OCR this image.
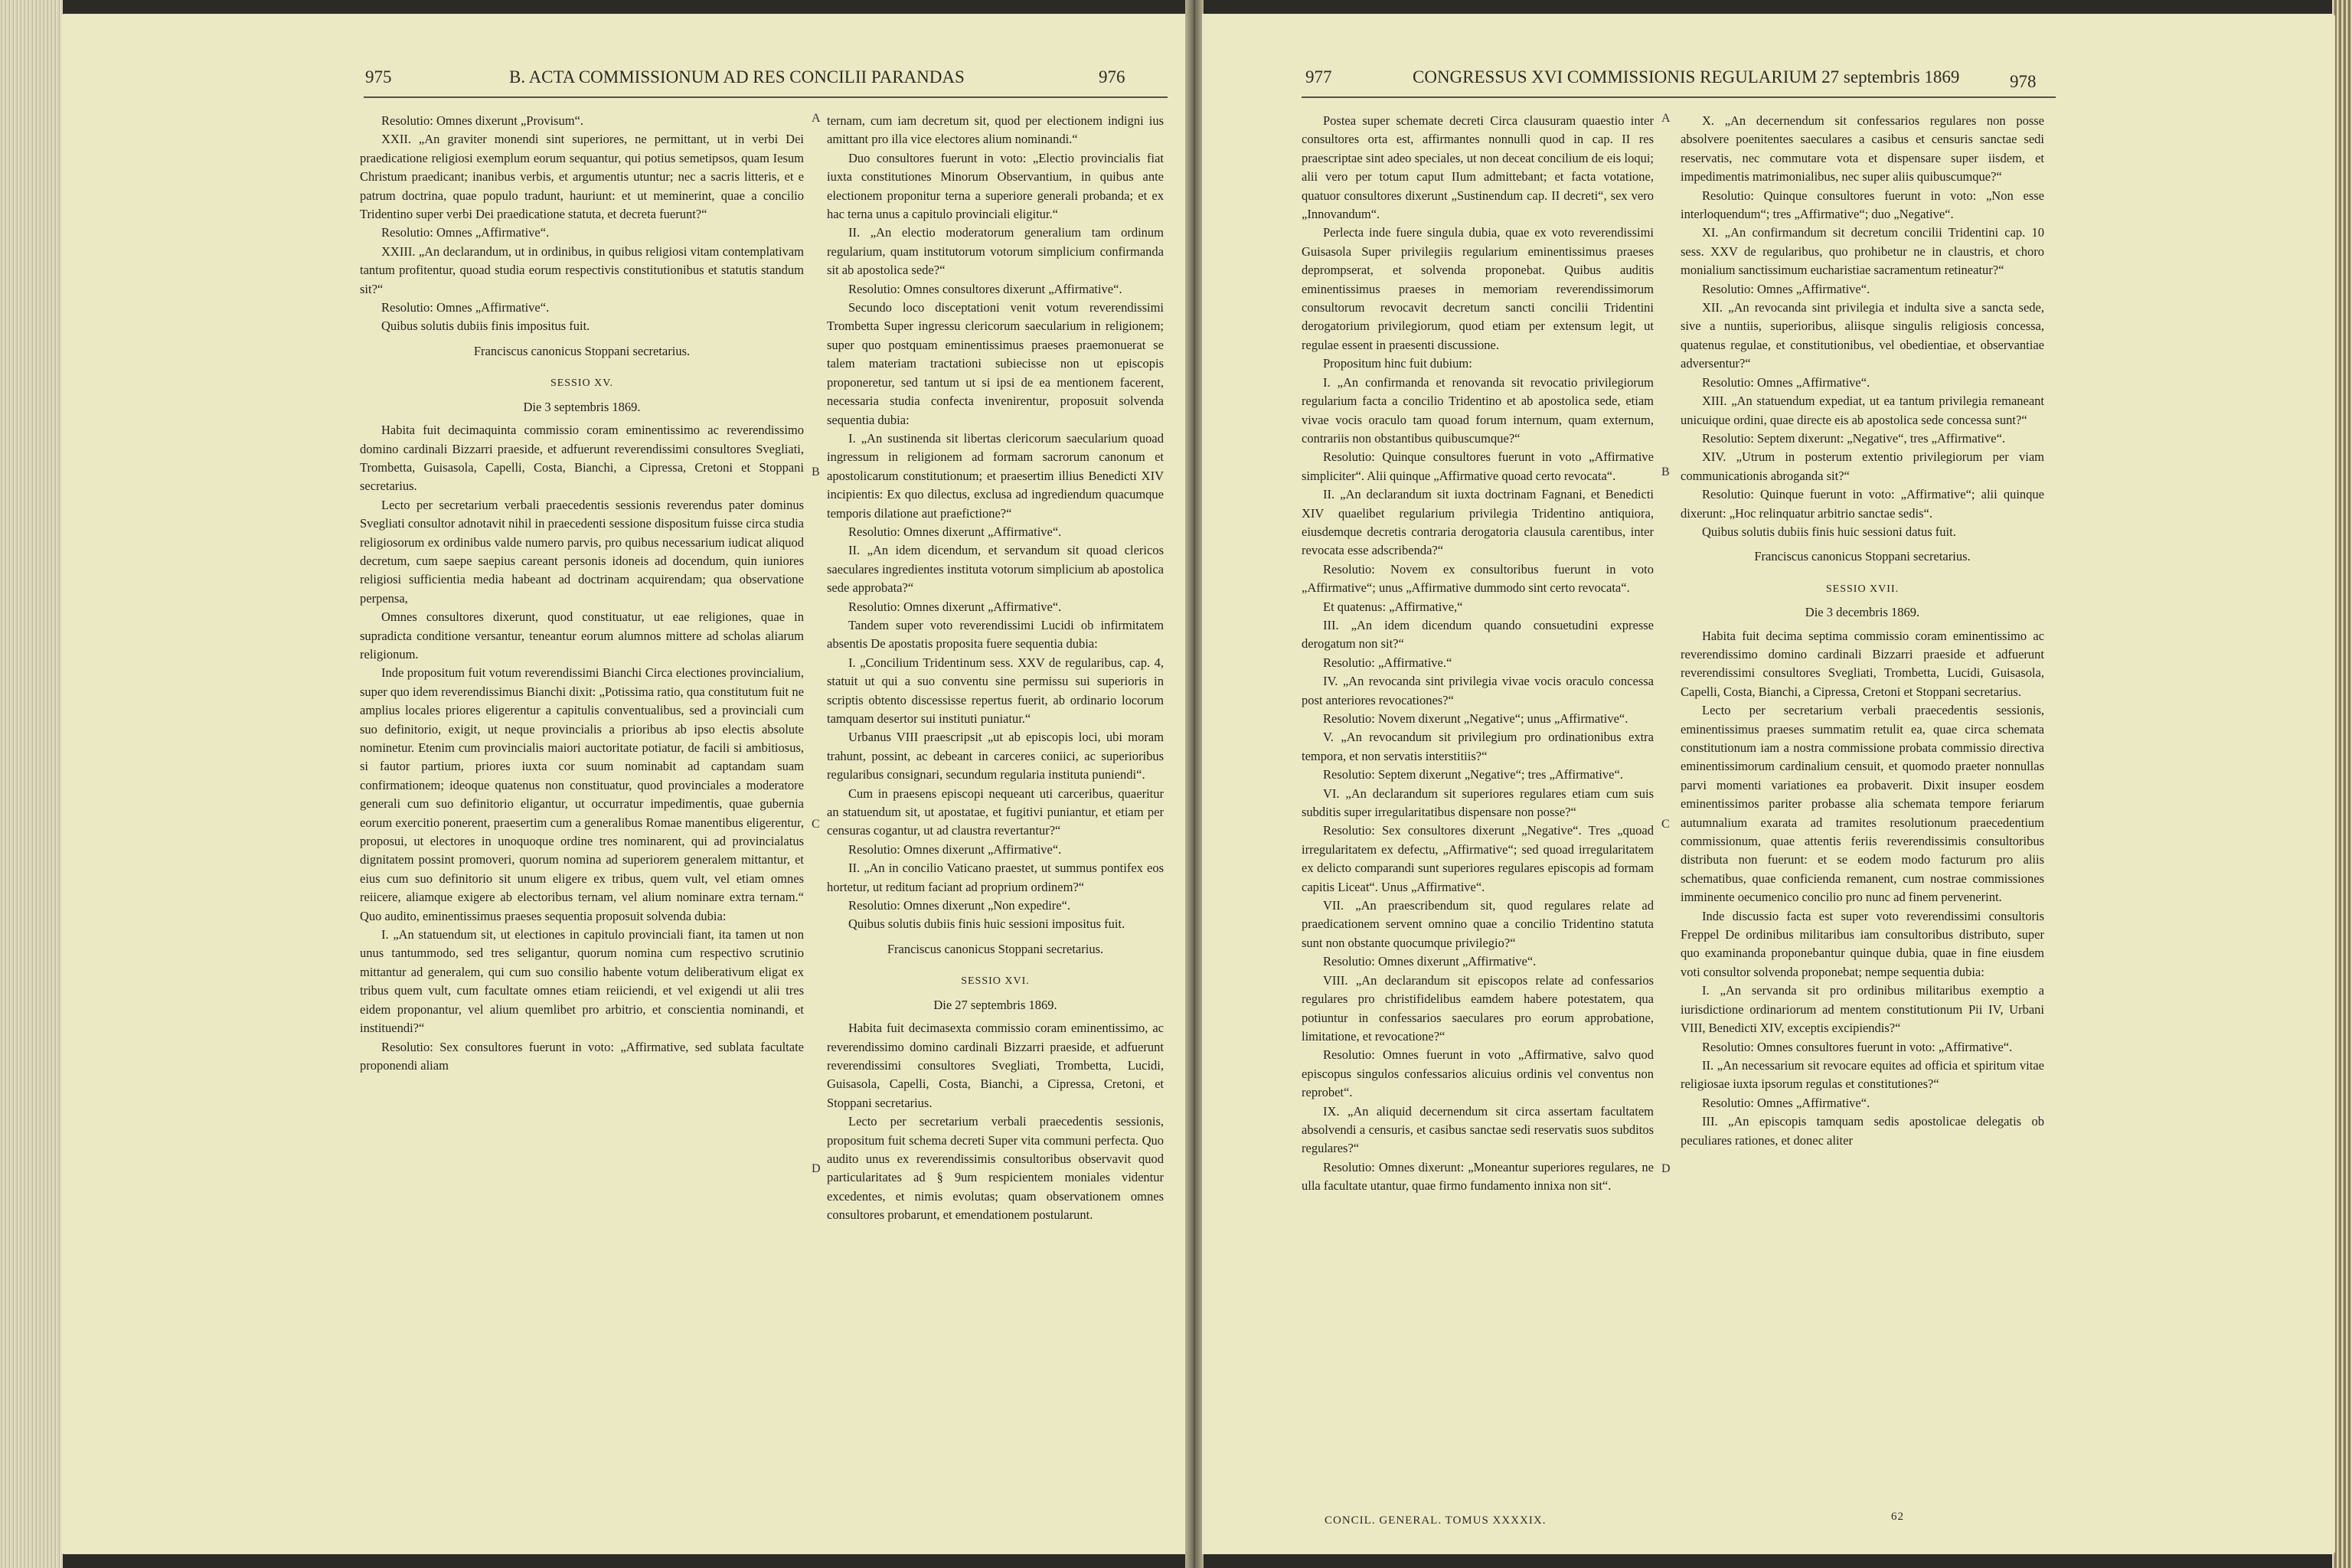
975	B. ACTA COMMISSIONUM AD RES CONCILII PARANDAS	976
A
B
C
D

Resolutio: Omnes dixerunt „Provisum“.

XXII. „An graviter monendi sint superiores, ne permittant, ut in verbi Dei praedicatione religiosi exemplum eorum sequantur, qui potius semetipsos, quam Iesum Christum praedicant; inanibus verbis, et argumentis utuntur; nec a sacris litteris, et e patrum doctrina, quae populo tradunt, hauriunt: et ut meminerint, quae a concilio Tridentino super verbi Dei praedicatione statuta, et decreta fuerunt?“

Resolutio: Omnes „Affirmative“.

XXIII. „An declarandum, ut in ordinibus, in quibus religiosi vitam contemplativam tantum profitentur, quoad studia eorum respectivis constitutionibus et statutis standum sit?“

Resolutio: Omnes „Affirmative“.

Quibus solutis dubiis finis impositus fuit.

Franciscus canonicus Stoppani secretarius.

SESSIO XV.

Die 3 septembris 1869.

Habita fuit decimaquinta commissio coram eminentissimo ac reverendissimo domino cardinali Bizzarri praeside, et adfuerunt reverendissimi consultores Svegliati, Trombetta, Guisasola, Capelli, Costa, Bianchi, a Cipressa, Cretoni et Stoppani secretarius.

Lecto per secretarium verbali praecedentis sessionis reverendus pater dominus Svegliati consultor adnotavit nihil in praecedenti sessione dispositum fuisse circa studia religiosorum ex ordinibus valde numero parvis, pro quibus necessarium iudicat aliquod decretum, cum saepe saepius careant personis idoneis ad docendum, quin iuniores religiosi sufficientia media habeant ad doctrinam acquirendam; qua observatione perpensa,

Omnes consultores dixerunt, quod constituatur, ut eae religiones, quae in supradicta conditione versantur, teneantur eorum alumnos mittere ad scholas aliarum religionum.

Inde propositum fuit votum reverendissimi Bianchi Circa electiones provincialium, super quo idem reverendissimus Bianchi dixit: „Potissima ratio, qua constitutum fuit ne amplius locales priores eligerentur a capitulis conventualibus, sed a provinciali cum suo definitorio, exigit, ut neque provincialis a prioribus ab ipso electis absolute nominetur. Etenim cum provincialis maiori auctoritate potiatur, de facili si ambitiosus, si fautor partium, priores iuxta cor suum nominabit ad captandam suam confirmationem; ideoque quatenus non constituatur, quod provinciales a moderatore generali cum suo definitorio eligantur, ut occurratur impedimentis, quae gubernia eorum exercitio ponerent, praesertim cum a generalibus Romae manentibus eligerentur, proposui, ut electores in unoquoque ordine tres nominarent, qui ad provincialatus dignitatem possint promoveri, quorum nomina ad superiorem generalem mittantur, et eius cum suo definitorio sit unum eligere ex tribus, quem vult, vel etiam omnes reiicere, aliamque exigere ab electoribus ternam, vel alium nominare extra ternam.“ Quo audito, eminentissimus praeses sequentia proposuit solvenda dubia:

I. „An statuendum sit, ut electiones in capitulo provinciali fiant, ita tamen ut non unus tantummodo, sed tres seligantur, quorum nomina cum respectivo scrutinio mittantur ad generalem, qui cum suo consilio habente votum deliberativum eligat ex tribus quem vult, cum facultate omnes etiam reiiciendi, et vel exigendi ut alii tres eidem proponantur, vel alium quemlibet pro arbitrio, et conscientia nominandi, et instituendi?“

Resolutio: Sex consultores fuerunt in voto: „Affirmative, sed sublata facultate proponendi aliam

ternam, cum iam decretum sit, quod per electionem indigni ius amittant pro illa vice electores alium nominandi.“

Duo consultores fuerunt in voto: „Electio provincialis fiat iuxta constitutiones Minorum Observantium, in quibus ante electionem proponitur terna a superiore generali probanda; et ex hac terna unus a capitulo provinciali eligitur.“

II. „An electio moderatorum generalium tam ordinum regularium, quam institutorum votorum simplicium confirmanda sit ab apostolica sede?“

Resolutio: Omnes consultores dixerunt „Affirmative“.

Secundo loco disceptationi venit votum reverendissimi Trombetta Super ingressu clericorum saecularium in religionem; super quo postquam eminentissimus praeses praemonuerat se talem materiam tractationi subiecisse non ut episcopis proponeretur, sed tantum ut si ipsi de ea mentionem facerent, necessaria studia confecta invenirentur, proposuit solvenda sequentia dubia:

I. „An sustinenda sit libertas clericorum saecularium quoad ingressum in religionem ad formam sacrorum canonum et apostolicarum constitutionum; et praesertim illius Benedicti XIV incipientis: Ex quo dilectus, exclusa ad ingrediendum quacumque temporis dilatione aut praefictione?“

Resolutio: Omnes dixerunt „Affirmative“.

II. „An idem dicendum, et servandum sit quoad clericos saeculares ingredientes instituta votorum simplicium ab apostolica sede approbata?“

Resolutio: Omnes dixerunt „Affirmative“.

Tandem super voto reverendissimi Lucidi ob infirmitatem absentis De apostatis proposita fuere sequentia dubia:

I. „Concilium Tridentinum sess. XXV de regularibus, cap. 4, statuit ut qui a suo conventu sine permissu sui superioris in scriptis obtento discessisse repertus fuerit, ab ordinario locorum tamquam desertor sui instituti puniatur.“

Urbanus VIII praescripsit „ut ab episcopis loci, ubi moram trahunt, possint, ac debeant in carceres coniici, ac superioribus regularibus consignari, secundum regularia instituta puniendi“.

Cum in praesens episcopi nequeant uti carceribus, quaeritur an statuendum sit, ut apostatae, et fugitivi puniantur, et etiam per censuras cogantur, ut ad claustra revertantur?“

Resolutio: Omnes dixerunt „Affirmative“.

II. „An in concilio Vaticano praestet, ut summus pontifex eos hortetur, ut reditum faciant ad proprium ordinem?“

Resolutio: Omnes dixerunt „Non expedire“.

Quibus solutis dubiis finis huic sessioni impositus fuit.

Franciscus canonicus Stoppani secretarius.

SESSIO XVI.

Die 27 septembris 1869.

Habita fuit decimasexta commissio coram eminentissimo, ac reverendissimo domino cardinali Bizzarri praeside, et adfuerunt reverendissimi consultores Svegliati, Trombetta, Lucidi, Guisasola, Capelli, Costa, Bianchi, a Cipressa, Cretoni, et Stoppani secretarius.

Lecto per secretarium verbali praecedentis sessionis, propositum fuit schema decreti Super vita communi perfecta. Quo audito unus ex reverendissimis consultoribus observavit quod particularitates ad § 9um respicientem moniales videntur excedentes, et nimis evolutas; quam observationem omnes consultores probarunt, et emendationem postularunt.

977	CONGRESSUS XVI COMMISSIONIS REGULARIUM 27 septembris 1869	978
A
B
C
D

Postea super schemate decreti Circa clausuram quaestio inter consultores orta est, affirmantes nonnulli quod in cap. II res praescriptae sint adeo speciales, ut non deceat concilium de eis loqui; alii vero per totum caput IIum admittebant; et facta votatione, quatuor consultores dixerunt „Sustinendum cap. II decreti“, sex vero „Innovandum“.

Perlecta inde fuere singula dubia, quae ex voto reverendissimi Guisasola Super privilegiis regularium eminentissimus praeses deprompserat, et solvenda proponebat. Quibus auditis eminentissimus praeses in memoriam reverendissimorum consultorum revocavit decretum sancti concilii Tridentini derogatorium privilegiorum, quod etiam per extensum legit, ut regulae essent in praesenti discussione.

Propositum hinc fuit dubium:

I. „An confirmanda et renovanda sit revocatio privilegiorum regularium facta a concilio Tridentino et ab apostolica sede, etiam vivae vocis oraculo tam quoad forum internum, quam externum, contrariis non obstantibus quibuscumque?“

Resolutio: Quinque consultores fuerunt in voto „Affirmative simpliciter“. Alii quinque „Affirmative quoad certo revocata“.

II. „An declarandum sit iuxta doctrinam Fagnani, et Benedicti XIV quaelibet regularium privilegia Tridentino antiquiora, eiusdemque decretis contraria derogatoria clausula carentibus, inter revocata esse adscribenda?“

Resolutio: Novem ex consultoribus fuerunt in voto „Affirmative“; unus „Affirmative dummodo sint certo revocata“.

Et quatenus: „Affirmative,“

III. „An idem dicendum quando consuetudini expresse derogatum non sit?“

Resolutio: „Affirmative.“

IV. „An revocanda sint privilegia vivae vocis oraculo concessa post anteriores revocationes?“

Resolutio: Novem dixerunt „Negative“; unus „Affirmative“.

V. „An revocandum sit privilegium pro ordinationibus extra tempora, et non servatis interstitiis?“

Resolutio: Septem dixerunt „Negative“; tres „Affirmative“.

VI. „An declarandum sit superiores regulares etiam cum suis subditis super irregularitatibus dispensare non posse?“

Resolutio: Sex consultores dixerunt „Negative“. Tres „quoad irregularitatem ex defectu, „Affirmative“; sed quoad irregularitatem ex delicto comparandi sunt superiores regulares episcopis ad formam capitis Liceat“. Unus „Affirmative“.

VII. „An praescribendum sit, quod regulares relate ad praedicationem servent omnino quae a concilio Tridentino statuta sunt non obstante quocumque privilegio?“

Resolutio: Omnes dixerunt „Affirmative“.

VIII. „An declarandum sit episcopos relate ad confessarios regulares pro christifidelibus eamdem habere potestatem, qua potiuntur in confessarios saeculares pro eorum approbatione, limitatione, et revocatione?“

Resolutio: Omnes fuerunt in voto „Affirmative, salvo quod episcopus singulos confessarios alicuius ordinis vel conventus non reprobet“.

IX. „An aliquid decernendum sit circa assertam facultatem absolvendi a censuris, et casibus sanctae sedi reservatis suos subditos regulares?“

Resolutio: Omnes dixerunt: „Moneantur superiores regulares, ne ulla facultate utantur, quae firmo fundamento innixa non sit“.

X. „An decernendum sit confessarios regulares non posse absolvere poenitentes saeculares a casibus et censuris sanctae sedi reservatis, nec commutare vota et dispensare super iisdem, et impedimentis matrimonialibus, nec super aliis quibuscumque?“

Resolutio: Quinque consultores fuerunt in voto: „Non esse interloquendum“; tres „Affirmative“; duo „Negative“.

XI. „An confirmandum sit decretum concilii Tridentini cap. 10 sess. XXV de regularibus, quo prohibetur ne in claustris, et choro monialium sanctissimum eucharistiae sacramentum retineatur?“

Resolutio: Omnes „Affirmative“.

XII. „An revocanda sint privilegia et indulta sive a sancta sede, sive a nuntiis, superioribus, aliisque singulis religiosis concessa, quatenus regulae, et constitutionibus, vel obedientiae, et observantiae adversentur?“

Resolutio: Omnes „Affirmative“.

XIII. „An statuendum expediat, ut ea tantum privilegia remaneant unicuique ordini, quae directe eis ab apostolica sede concessa sunt?“

Resolutio: Septem dixerunt: „Negative“, tres „Affirmative“.

XIV. „Utrum in posterum extentio privilegiorum per viam communicationis abroganda sit?“

Resolutio: Quinque fuerunt in voto: „Affirmative“; alii quinque dixerunt: „Hoc relinquatur arbitrio sanctae sedis“.

Quibus solutis dubiis finis huic sessioni datus fuit.

Franciscus canonicus Stoppani secretarius.

SESSIO XVII.

Die 3 decembris 1869.

Habita fuit decima septima commissio coram eminentissimo ac reverendissimo domino cardinali Bizzarri praeside et adfuerunt reverendissimi consultores Svegliati, Trombetta, Lucidi, Guisasola, Capelli, Costa, Bianchi, a Cipressa, Cretoni et Stoppani secretarius.

Lecto per secretarium verbali praecedentis sessionis, eminentissimus praeses summatim retulit ea, quae circa schemata constitutionum iam a nostra commissione probata commissio directiva eminentissimorum cardinalium censuit, et quomodo praeter nonnullas parvi momenti variationes ea probaverit. Dixit insuper eosdem eminentissimos pariter probasse alia schemata tempore feriarum autumnalium exarata ad tramites resolutionum praecedentium commissionum, quae attentis feriis reverendissimis consultoribus distributa non fuerunt: et se eodem modo facturum pro aliis schematibus, quae conficienda remanent, cum nostrae commissiones imminente oecumenico concilio pro nunc ad finem pervenerint.

Inde discussio facta est super voto reverendissimi consultoris Freppel De ordinibus militaribus iam consultoribus distributo, super quo examinanda proponebantur quinque dubia, quae in fine eiusdem voti consultor solvenda proponebat; nempe sequentia dubia:

I. „An servanda sit pro ordinibus militaribus exemptio a iurisdictione ordinariorum ad mentem constitutionum Pii IV, Urbani VIII, Benedicti XIV, exceptis excipiendis?“

Resolutio: Omnes consultores fuerunt in voto: „Affirmative“.

II. „An necessarium sit revocare equites ad officia et spiritum vitae religiosae iuxta ipsorum regulas et constitutiones?“

Resolutio: Omnes „Affirmative“.

III. „An episcopis tamquam sedis apostolicae delegatis ob peculiares rationes, et donec aliter

CONCIL. GENERAL. TOMUS XXXXIX.	62
